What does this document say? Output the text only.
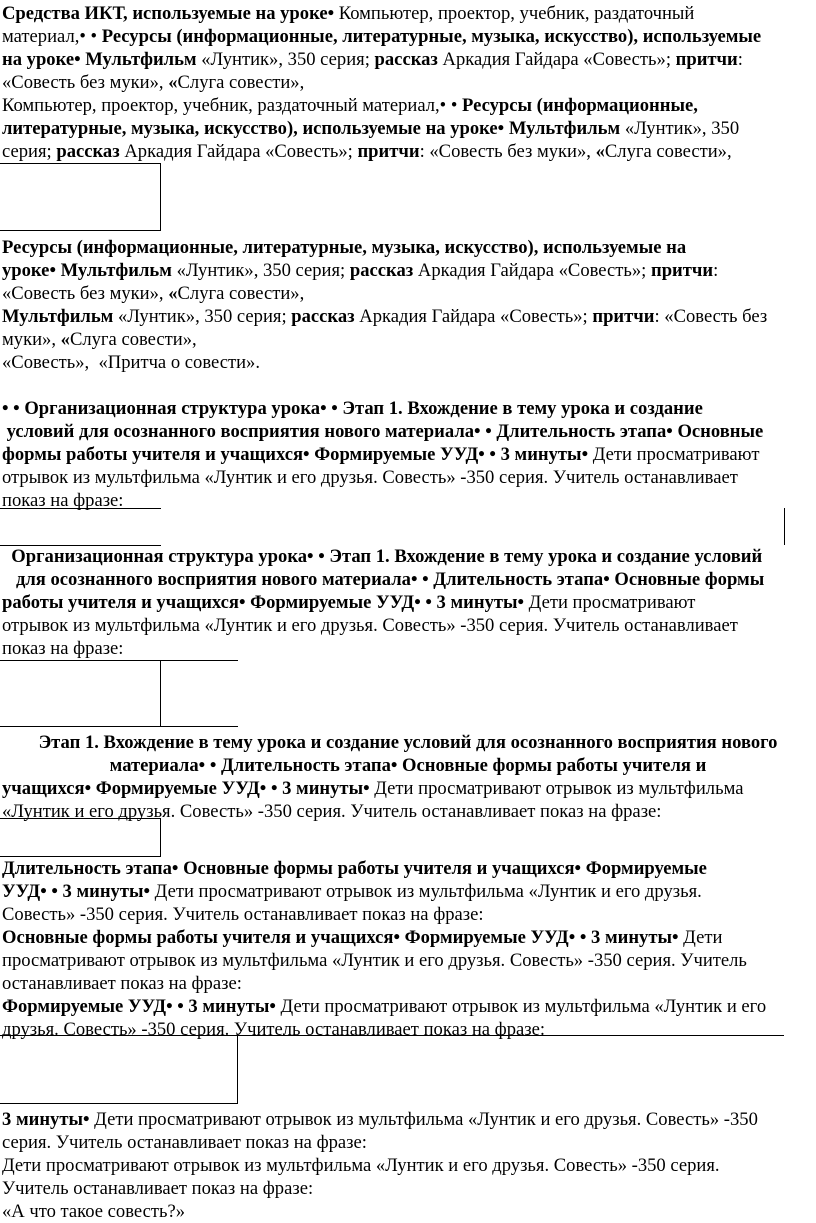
Средства ИКТ, используемые на уроке• Компьютер, проектор, учебник, раздаточный

материал,• • Ресурсы (информационные, литературные, музыка, искусство), используемые

на уроке• Мультфильм «Лунтик», 350 серия; рассказ Аркадия Гайдара «Совесть»; притчи:

«Совесть без муки», «Слуга совести»,

Компьютер, проектор, учебник, раздаточный материал,• • Ресурсы (информационные,

литературные, музыка, искусство), используемые на уроке• Мультфильм «Лунтик», 350

серия; рассказ Аркадия Гайдара «Совесть»; притчи: «Совесть без муки», «Слуга совести»,

Ресурсы (информационные, литературные, музыка, искусство), используемые на

уроке• Мультфильм «Лунтик», 350 серия; рассказ Аркадия Гайдара «Совесть»; притчи:

«Совесть без муки», «Слуга совести»,

Мультфильм «Лунтик», 350 серия; рассказ Аркадия Гайдара «Совесть»; притчи: «Совесть без

муки», «Слуга совести»,

«Совесть»,  «Притча о совести».

• • Организационная структура урока• • Этап 1. Вхождение в тему урока и создание

условий для осознанного восприятия нового материала• • Длительность этапа• Основные

формы работы учителя и учащихся• Формируемые УУД• • 3 минуты• Дети просматривают

отрывок из мультфильма «Лунтик и его друзья. Совесть» -350 серия. Учитель останавливает

показ на фразе:

Организационная структура урока• • Этап 1. Вхождение в тему урока и создание условий

для осознанного восприятия нового материала• • Длительность этапа• Основные формы

работы учителя и учащихся• Формируемые УУД• • 3 минуты• Дети просматривают

отрывок из мультфильма «Лунтик и его друзья. Совесть» -350 серия. Учитель останавливает

показ на фразе:

Этап 1. Вхождение в тему урока и создание условий для осознанного восприятия нового

материала• • Длительность этапа• Основные формы работы учителя и

учащихся• Формируемые УУД• • 3 минуты• Дети просматривают отрывок из мультфильма

«Лунтик и его друзья. Совесть» -350 серия. Учитель останавливает показ на фразе:

Длительность этапа• Основные формы работы учителя и учащихся• Формируемые

УУД• • 3 минуты• Дети просматривают отрывок из мультфильма «Лунтик и его друзья.

Совесть» -350 серия. Учитель останавливает показ на фразе:

Основные формы работы учителя и учащихся• Формируемые УУД• • 3 минуты• Дети

просматривают отрывок из мультфильма «Лунтик и его друзья. Совесть» -350 серия. Учитель

останавливает показ на фразе:

Формируемые УУД• • 3 минуты• Дети просматривают отрывок из мультфильма «Лунтик и его

друзья. Совесть» -350 серия. Учитель останавливает показ на фразе:

3 минуты• Дети просматривают отрывок из мультфильма «Лунтик и его друзья. Совесть» -350

серия. Учитель останавливает показ на фразе:

Дети просматривают отрывок из мультфильма «Лунтик и его друзья. Совесть» -350 серия.

Учитель останавливает показ на фразе:

«А что такое совесть?»
